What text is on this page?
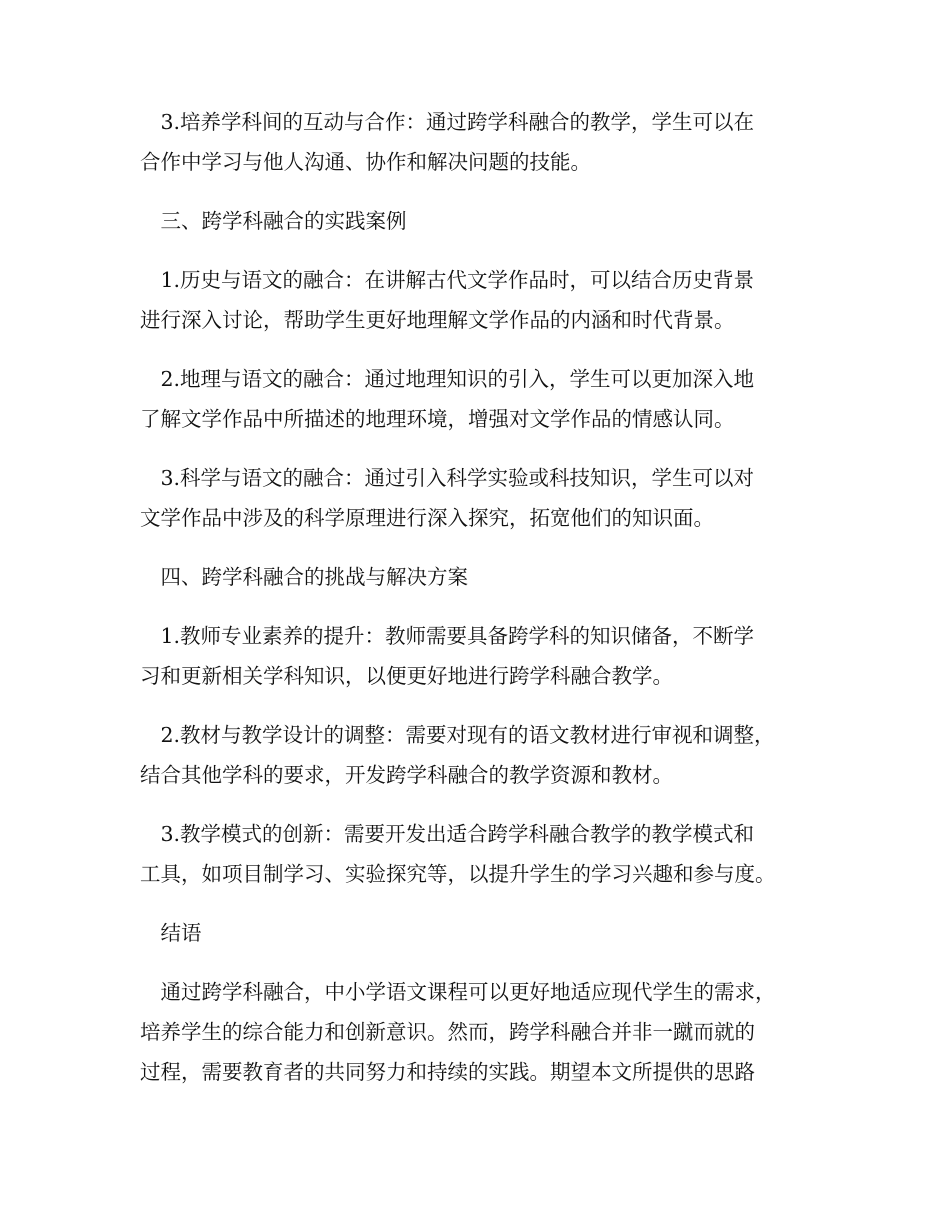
　3.培养学科间的互动与合作：通过跨学科融合的教学，学生可以在
合作中学习与他人沟通、协作和解决问题的技能。

　三、跨学科融合的实践案例

　1.历史与语文的融合：在讲解古代文学作品时，可以结合历史背景
进行深入讨论，帮助学生更好地理解文学作品的内涵和时代背景。

　2.地理与语文的融合：通过地理知识的引入，学生可以更加深入地
了解文学作品中所描述的地理环境，增强对文学作品的情感认同。

　3.科学与语文的融合：通过引入科学实验或科技知识，学生可以对
文学作品中涉及的科学原理进行深入探究，拓宽他们的知识面。

　四、跨学科融合的挑战与解决方案

　1.教师专业素养的提升：教师需要具备跨学科的知识储备，不断学
习和更新相关学科知识，以便更好地进行跨学科融合教学。

　2.教材与教学设计的调整：需要对现有的语文教材进行审视和调整，
结合其他学科的要求，开发跨学科融合的教学资源和教材。

　3.教学模式的创新：需要开发出适合跨学科融合教学的教学模式和
工具，如项目制学习、实验探究等，以提升学生的学习兴趣和参与度。

　结语

　通过跨学科融合，中小学语文课程可以更好地适应现代学生的需求，
培养学生的综合能力和创新意识。然而，跨学科融合并非一蹴而就的
过程，需要教育者的共同努力和持续的实践。期望本文所提供的思路
